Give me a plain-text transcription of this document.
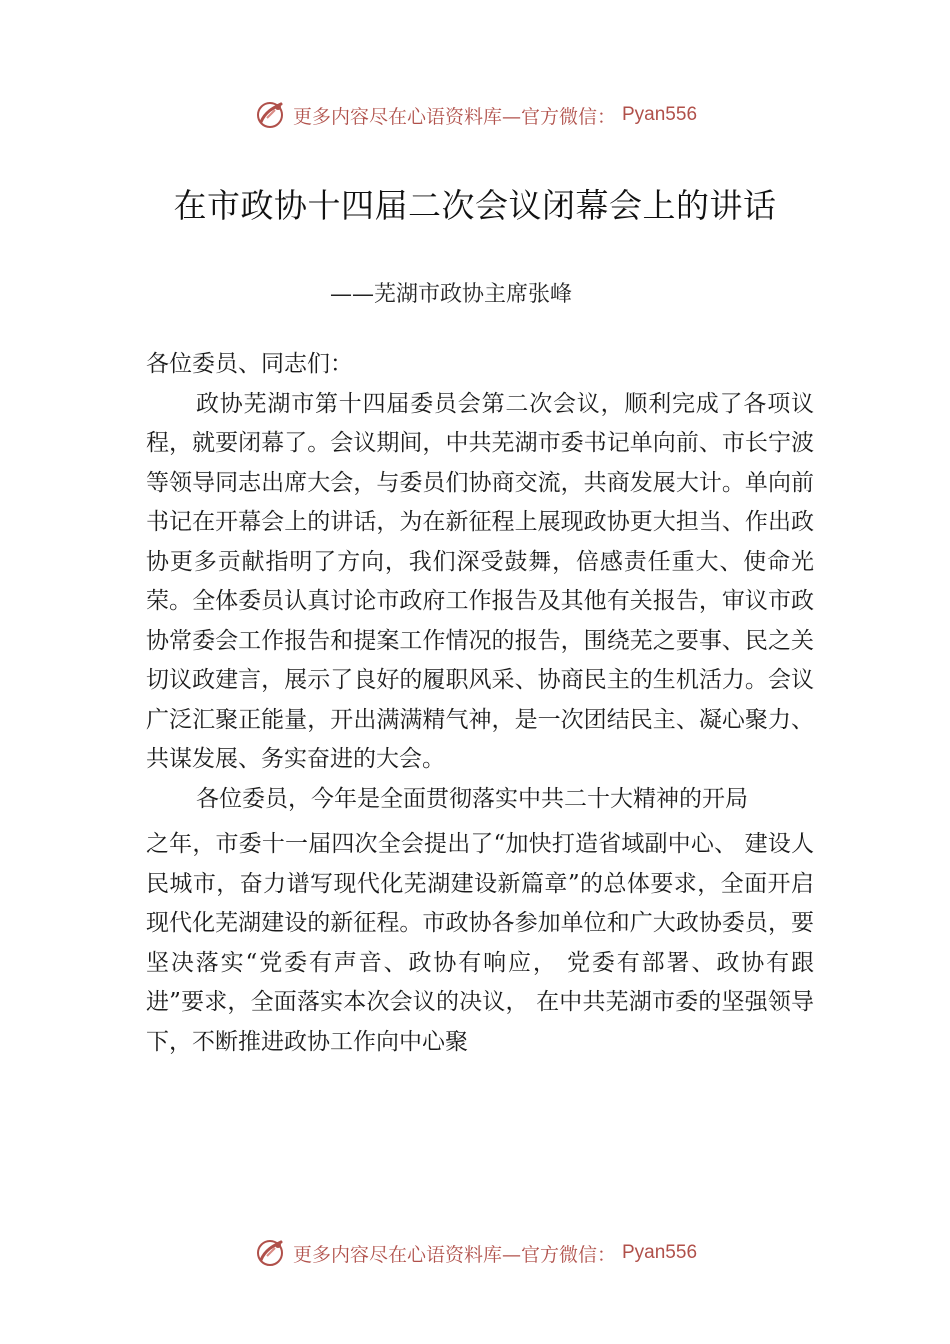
更多内容尽在心语资料库—官方微信： Pyan556
在市政协十四届二次会议闭幕会上的讲话
——芜湖市政协主席张峰

各位委员、同志们：

政协芜湖市第十四届委员会第二次会议，顺利完成了各项议程，就要闭幕了。会议期间，中共芜湖市委书记单向前、市长宁波等领导同志出席大会，与委员们协商交流，共商发展大计。单向前书记在开幕会上的讲话，为在新征程上展现政协更大担当、作出政协更多贡献指明了方向，我们深受鼓舞，倍感责任重大、使命光荣。全体委员认真讨论市政府工作报告及其他有关报告，审议市政协常委会工作报告和提案工作情况的报告，围绕芜之要事、民之关切议政建言，展示了良好的履职风采、协商民主的生机活力。会议广泛汇聚正能量，开出满满精气神，是一次团结民主、凝心聚力、共谋发展、务实奋进的大会。

各位委员，今年是全面贯彻落实中共二十大精神的开局

之年，市委十一届四次全会提出了“加快打造省域副中心、 建设人民城市，奋力谱写现代化芜湖建设新篇章”的总体要求，全面开启现代化芜湖建设的新征程。市政协各参加单位和广大政协委员，要坚决落实“党委有声音、政协有响应， 党委有部署、政协有跟进”要求，全面落实本次会议的决议， 在中共芜湖市委的坚强领导下，不断推进政协工作向中心聚

更多内容尽在心语资料库—官方微信： Pyan556
